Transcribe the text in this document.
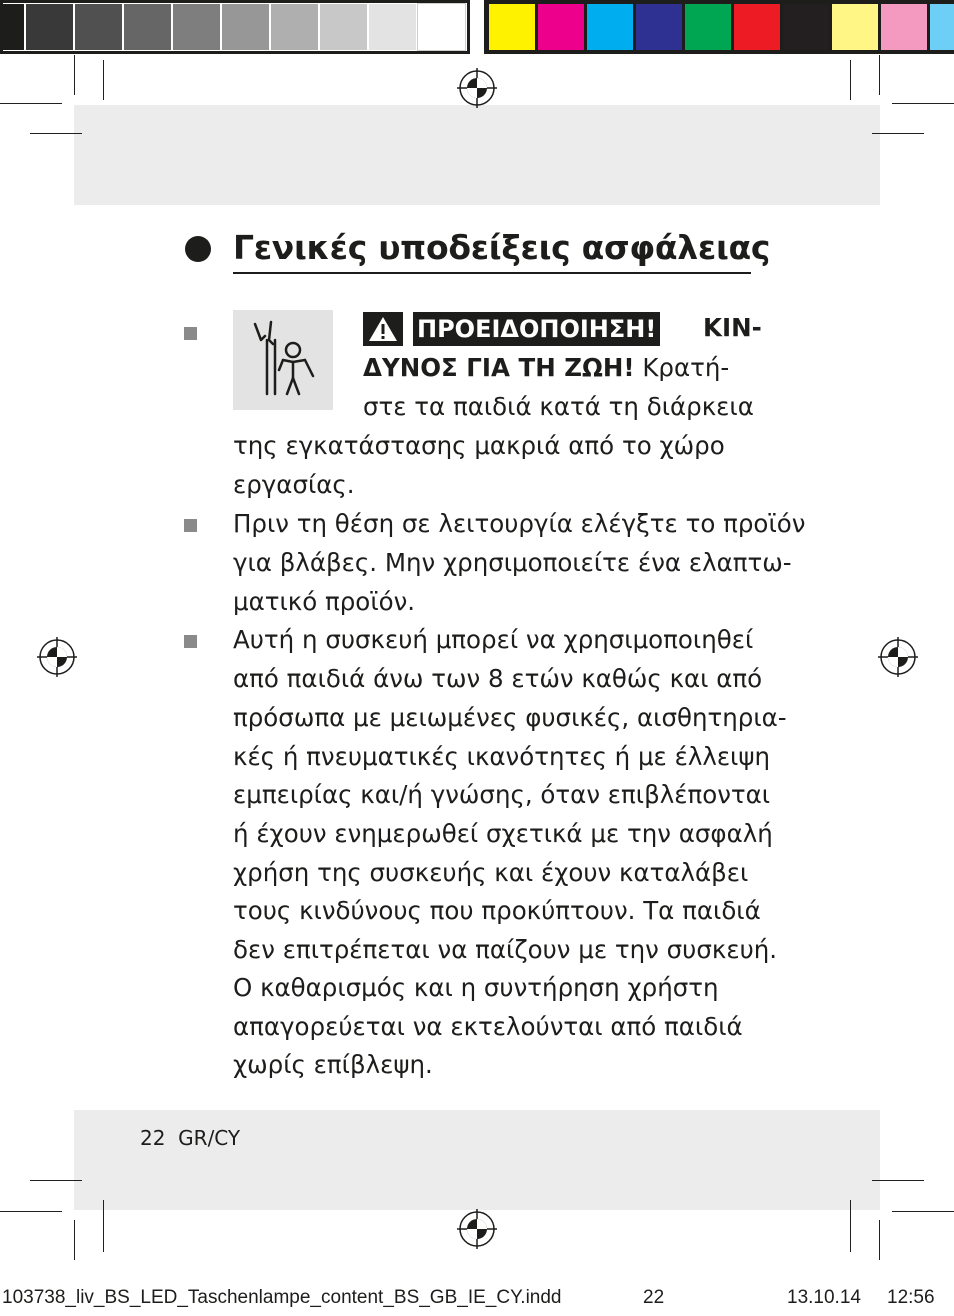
Γενικές υποδείξεις ασφάλειας
ΠΡΟΕΙΔΟΠΟΙΗΣΗ! ΚΙΝ-
ΔΥΝΟΣ ΓΙΑ ΤΗ ΖΩΗ! Κρατή-
στε τα παιδιά κατά τη διάρκεια
της εγκατάστασης μακριά από το χώρο
εργασίας.
Πριν τη θέση σε λειτουργία ελέγξτε το προϊόν
για βλάβες. Μην χρησιμοποιείτε ένα ελαπτω-
ματικό προϊόν.
Αυτή η συσκευή μπορεί να χρησιμοποιηθεί
από παιδιά άνω των 8 ετών καθώς και από
πρόσωπα με μειωμένες φυσικές, αισθητηρια-
κές ή πνευματικές ικανότητες ή με έλλειψη
εμπειρίας και/ή γνώσης, όταν επιβλέπονται
ή έχουν ενημερωθεί σχετικά με την ασφαλή
χρήση της συσκευής και έχουν καταλάβει
τους κινδύνους που προκύπτουν. Τα παιδιά
δεν επιτρέπεται να παίζουν με την συσκευή.
Ο καθαρισμός και η συντήρηση χρήστη
απαγορεύεται να εκτελούνται από παιδιά
χωρίς επίβλεψη.
22 GR/CY
103738_liv_BS_LED_Taschenlampe_content_BS_GB_IE_CY.indd	22	13.10.14 12:56
